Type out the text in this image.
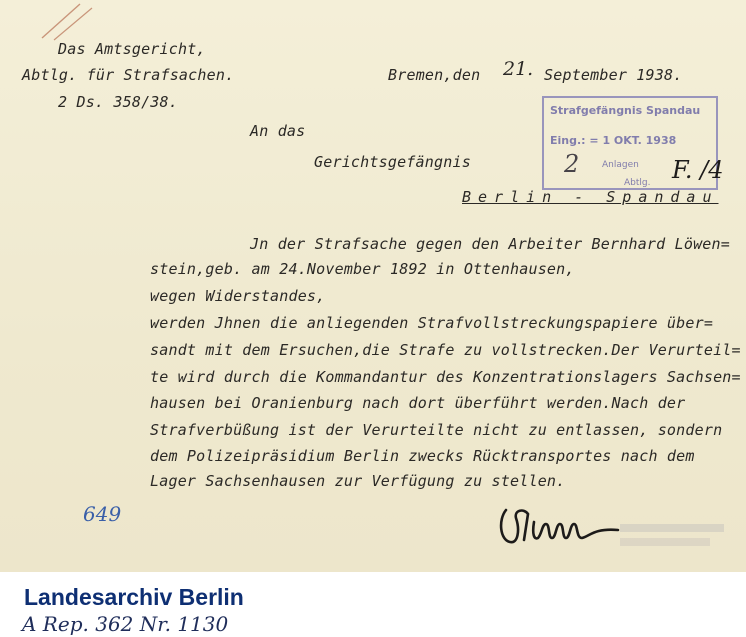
Das Amtsgericht,
Abtlg. für Strafsachen.
2 Ds. 358/38.
Bremen,den 21. September 1938.
An das
Gerichtsgefängnis
Berlin - Spandau
Strafgefängnis Spandau
Eing.: = 1 OKT. 1938
2	Anlagen
Abtlg. F. /4
Jn der Strafsache gegen den Arbeiter Bernhard Löwen=
stein,geb. am 24.November 1892 in Ottenhausen,
wegen Widerstandes,
werden Jhnen die anliegenden Strafvollstreckungspapiere über=
sandt mit dem Ersuchen,die Strafe zu vollstrecken.Der Verurteil=
te wird durch die Kommandantur des Konzentrationslagers Sachsen=
hausen bei Oranienburg nach dort überführt werden.Nach der
Strafverbüßung ist der Verurteilte nicht zu entlassen, sondern
dem Polizeipräsidium Berlin zwecks Rücktransportes nach dem
Lager Sachsenhausen zur Verfügung zu stellen.
649
Landesarchiv Berlin
A Rep. 362 Nr. 1130
